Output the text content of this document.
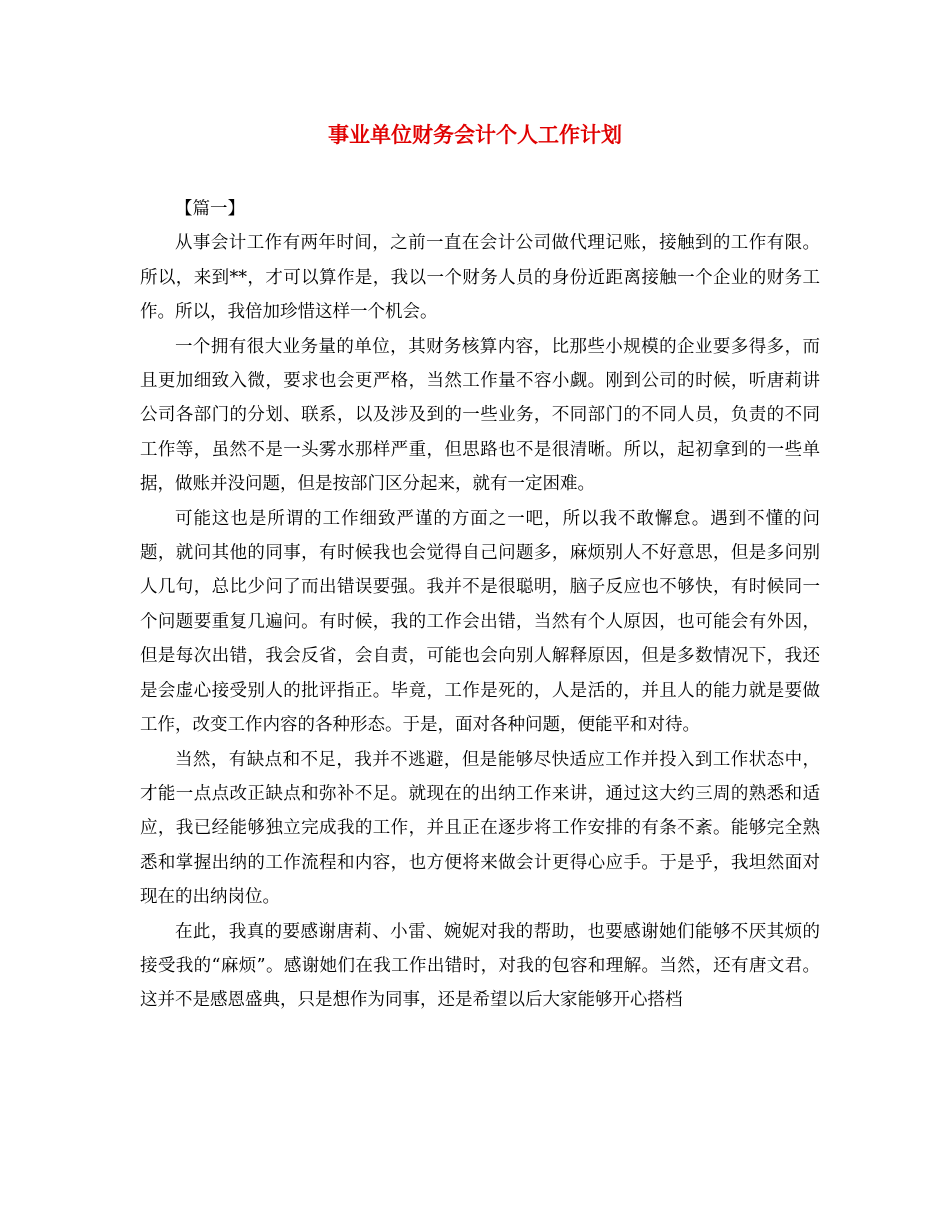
事业单位财务会计个人工作计划

【篇一】

从事会计工作有两年时间，之前一直在会计公司做代理记账，接触到的工作有限。所以，来到**，才可以算作是，我以一个财务人员的身份近距离接触一个企业的财务工作。所以，我倍加珍惜这样一个机会。

一个拥有很大业务量的单位，其财务核算内容，比那些小规模的企业要多得多，而且更加细致入微，要求也会更严格，当然工作量不容小觑。刚到公司的时候，听唐莉讲公司各部门的分划、联系，以及涉及到的一些业务，不同部门的不同人员，负责的不同工作等，虽然不是一头雾水那样严重，但思路也不是很清晰。所以，起初拿到的一些单据，做账并没问题，但是按部门区分起来，就有一定困难。

可能这也是所谓的工作细致严谨的方面之一吧，所以我不敢懈怠。遇到不懂的问题，就问其他的同事，有时候我也会觉得自己问题多，麻烦别人不好意思，但是多问别人几句，总比少问了而出错误要强。我并不是很聪明，脑子反应也不够快，有时候同一个问题要重复几遍问。有时候，我的工作会出错，当然有个人原因，也可能会有外因，但是每次出错，我会反省，会自责，可能也会向别人解释原因，但是多数情况下，我还是会虚心接受别人的批评指正。毕竟，工作是死的，人是活的，并且人的能力就是要做工作，改变工作内容的各种形态。于是，面对各种问题，便能平和对待。

当然，有缺点和不足，我并不逃避，但是能够尽快适应工作并投入到工作状态中，才能一点点改正缺点和弥补不足。就现在的出纳工作来讲，通过这大约三周的熟悉和适应，我已经能够独立完成我的工作，并且正在逐步将工作安排的有条不紊。能够完全熟悉和掌握出纳的工作流程和内容，也方便将来做会计更得心应手。于是乎，我坦然面对现在的出纳岗位。

在此，我真的要感谢唐莉、小雷、婉妮对我的帮助，也要感谢她们能够不厌其烦的接受我的“麻烦”。感谢她们在我工作出错时，对我的包容和理解。当然，还有唐文君。这并不是感恩盛典，只是想作为同事，还是希望以后大家能够开心搭档
